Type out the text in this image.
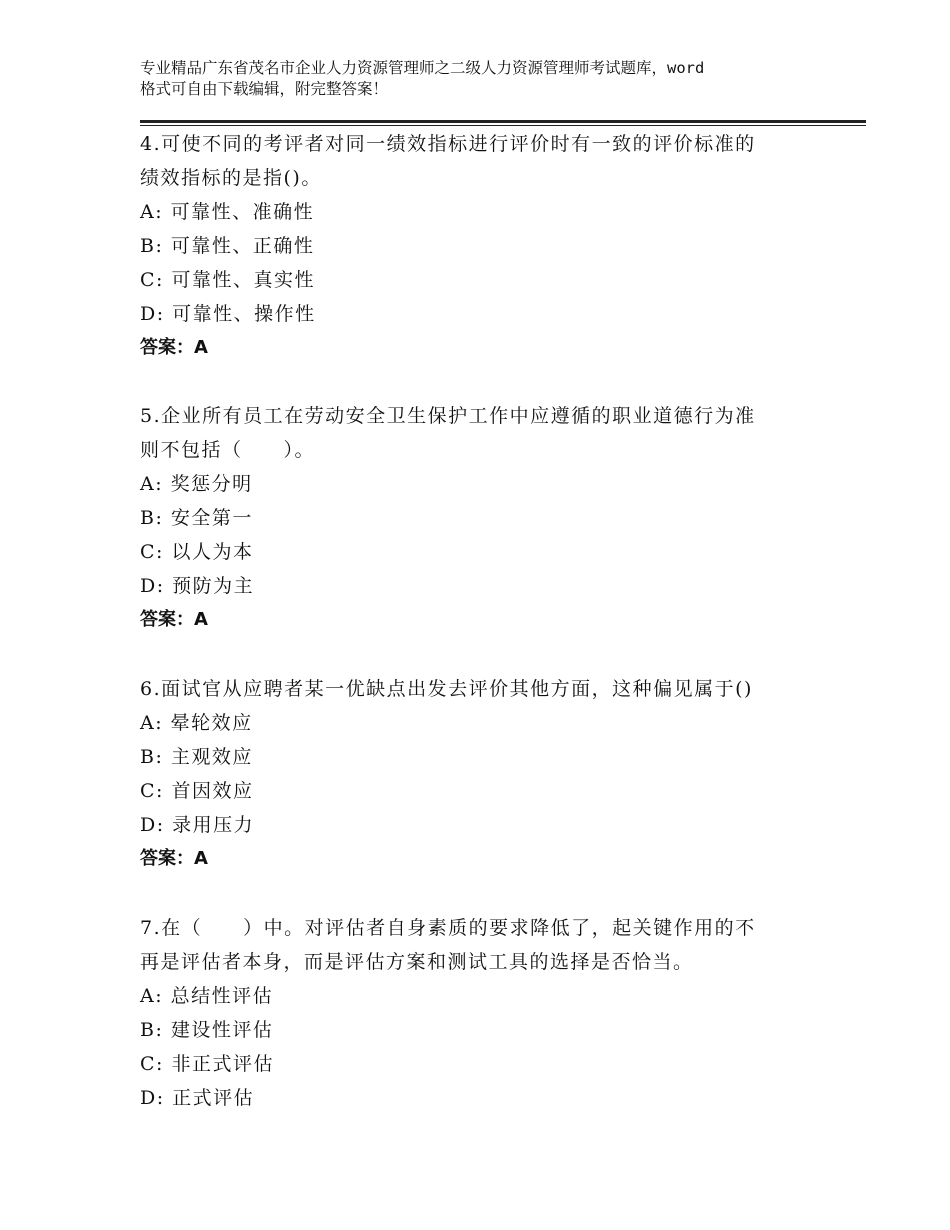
专业精品广东省茂名市企业人力资源管理师之二级人力资源管理师考试题库，word
格式可自由下载编辑，附完整答案！
4.可使不同的考评者对同一绩效指标进行评价时有一致的评价标准的
绩效指标的是指()。
A: 可靠性、准确性
B: 可靠性、正确性
C: 可靠性、真实性
D: 可靠性、操作性
答案：A
5.企业所有员工在劳动安全卫生保护工作中应遵循的职业道德行为准
则不包括（　　）。
A: 奖惩分明
B: 安全第一
C: 以人为本
D: 预防为主
答案：A
6.面试官从应聘者某一优缺点出发去评价其他方面，这种偏见属于()
A: 晕轮效应
B: 主观效应
C: 首因效应
D: 录用压力
答案：A
7.在（　　）中。对评估者自身素质的要求降低了，起关键作用的不
再是评估者本身，而是评估方案和测试工具的选择是否恰当。
A: 总结性评估
B: 建设性评估
C: 非正式评估
D: 正式评估
